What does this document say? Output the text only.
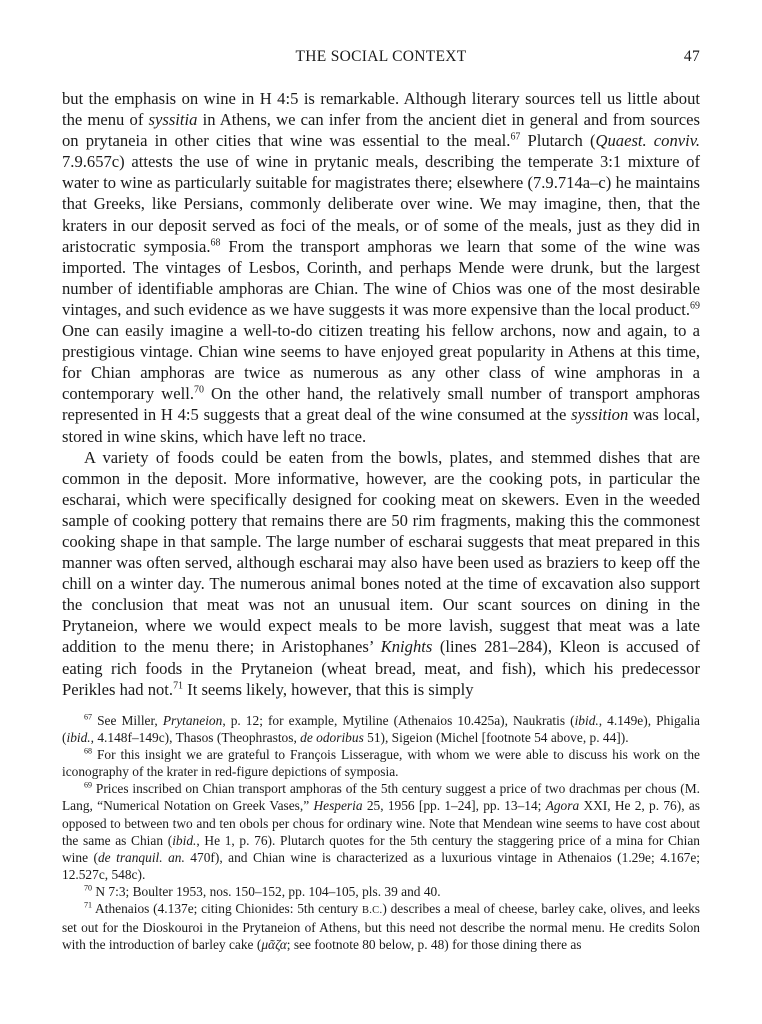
THE SOCIAL CONTEXT	47

but the emphasis on wine in H 4:5 is remarkable. Although literary sources tell us little about the menu of syssitia in Athens, we can infer from the ancient diet in general and from sources on prytaneia in other cities that wine was essential to the meal.$^{67}$ Plutarch (Quaest. conviv. 7.9.657c) attests the use of wine in prytanic meals, describing the temperate 3:1 mixture of water to wine as particularly suitable for magistrates there; elsewhere (7.9.714a–c) he maintains that Greeks, like Persians, commonly deliberate over wine. We may imagine, then, that the kraters in our deposit served as foci of the meals, or of some of the meals, just as they did in aristocratic symposia.$^{68}$ From the transport amphoras we learn that some of the wine was imported. The vintages of Lesbos, Corinth, and perhaps Mende were drunk, but the largest number of identifiable amphoras are Chian. The wine of Chios was one of the most desirable vintages, and such evidence as we have suggests it was more expensive than the local product.$^{69}$ One can easily imagine a well-to-do citizen treating his fellow archons, now and again, to a prestigious vintage. Chian wine seems to have enjoyed great popularity in Athens at this time, for Chian amphoras are twice as numerous as any other class of wine amphoras in a contemporary well.$^{70}$ On the other hand, the relatively small number of transport amphoras represented in H 4:5 suggests that a great deal of the wine consumed at the syssition was local, stored in wine skins, which have left no trace.

A variety of foods could be eaten from the bowls, plates, and stemmed dishes that are common in the deposit. More informative, however, are the cooking pots, in particular the escharai, which were specifically designed for cooking meat on skewers. Even in the weeded sample of cooking pottery that remains there are 50 rim fragments, making this the commonest cooking shape in that sample. The large number of escharai suggests that meat prepared in this manner was often served, although escharai may also have been used as braziers to keep off the chill on a winter day. The numerous animal bones noted at the time of excavation also support the conclusion that meat was not an unusual item. Our scant sources on dining in the Prytaneion, where we would expect meals to be more lavish, suggest that meat was a late addition to the menu there; in Aristophanes’ Knights (lines 281–284), Kleon is accused of eating rich foods in the Prytaneion (wheat bread, meat, and fish), which his predecessor Perikles had not.$^{71}$ It seems likely, however, that this is simply

$^{67}$ See Miller, Prytaneion, p. 12; for example, Mytiline (Athenaios 10.425a), Naukratis (ibid., 4.149e), Phigalia (ibid., 4.148f–149c), Thasos (Theophrastos, de odoribus 51), Sigeion (Michel [footnote 54 above, p. 44]).

$^{68}$ For this insight we are grateful to François Lisserague, with whom we were able to discuss his work on the iconography of the krater in red-figure depictions of symposia.

$^{69}$ Prices inscribed on Chian transport amphoras of the 5th century suggest a price of two drachmas per chous (M. Lang, “Numerical Notation on Greek Vases,” Hesperia 25, 1956 [pp. 1–24], pp. 13–14; Agora XXI, He 2, p. 76), as opposed to between two and ten obols per chous for ordinary wine. Note that Mendean wine seems to have cost about the same as Chian (ibid., He 1, p. 76). Plutarch quotes for the 5th century the staggering price of a mina for Chian wine (de tranquil. an. 470f), and Chian wine is characterized as a luxurious vintage in Athenaios (1.29e; 4.167e; 12.527c, 548c).

$^{70}$ N 7:3; Boulter 1953, nos. 150–152, pp. 104–105, pls. 39 and 40.

$^{71}$ Athenaios (4.137e; citing Chionides: 5th century B.C.) describes a meal of cheese, barley cake, olives, and leeks set out for the Dioskouroi in the Prytaneion of Athens, but this need not describe the normal menu. He credits Solon with the introduction of barley cake (μᾶζα; see footnote 80 below, p. 48) for those dining there as
